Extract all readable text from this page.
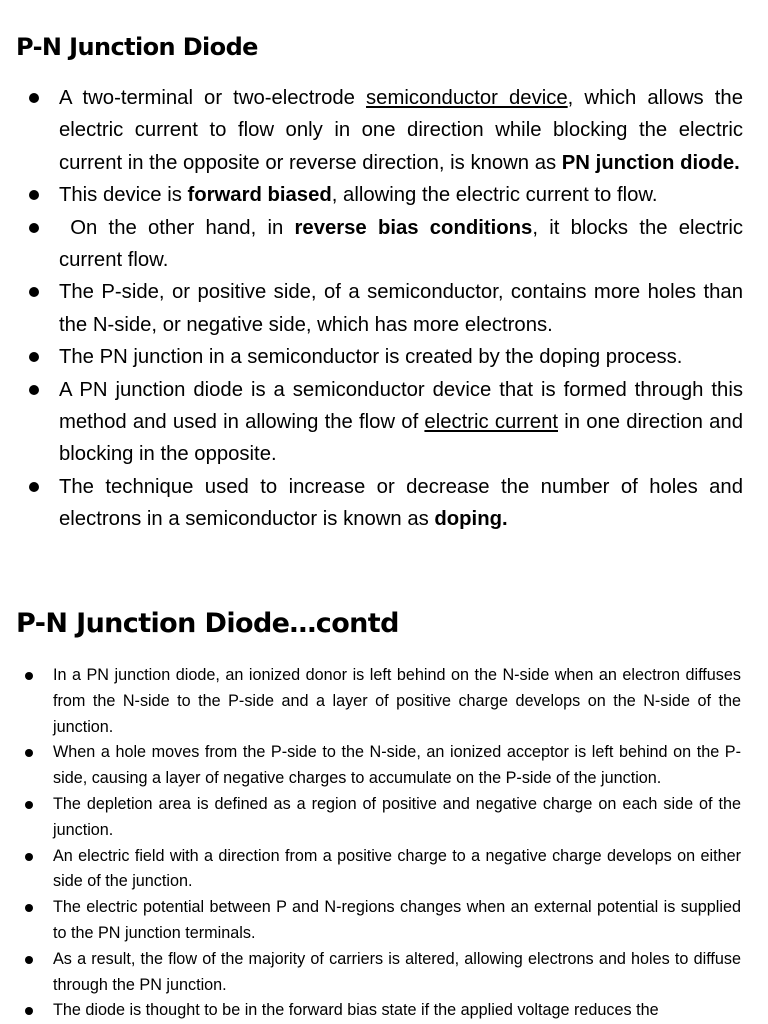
P-N Junction Diode
A two-terminal or two-electrode semiconductor device, which allows the electric current to flow only in one direction while blocking the electric current in the opposite or reverse direction, is known as PN junction diode.
This device is forward biased, allowing the electric current to flow.
On the other hand, in reverse bias conditions, it blocks the electric current flow.
The P-side, or positive side, of a semiconductor, contains more holes than the N-side, or negative side, which has more electrons.
The PN junction in a semiconductor is created by the doping process.
A PN junction diode is a semiconductor device that is formed through this method and used in allowing the flow of electric current in one direction and blocking in the opposite.
The technique used to increase or decrease the number of holes and electrons in a semiconductor is known as doping.
P-N Junction Diode…contd
In a PN junction diode, an ionized donor is left behind on the N-side when an electron diffuses from the N-side to the P-side and a layer of positive charge develops on the N-side of the junction.
When a hole moves from the P-side to the N-side, an ionized acceptor is left behind on the P-side, causing a layer of negative charges to accumulate on the P-side of the junction.
The depletion area is defined as a region of positive and negative charge on each side of the junction.
An electric field with a direction from a positive charge to a negative charge develops on either side of the junction.
The electric potential between P and N-regions changes when an external potential is supplied to the PN junction terminals.
As a result, the flow of the majority of carriers is altered, allowing electrons and holes to diffuse through the PN junction.
The diode is thought to be in the forward bias state if the applied voltage reduces the
